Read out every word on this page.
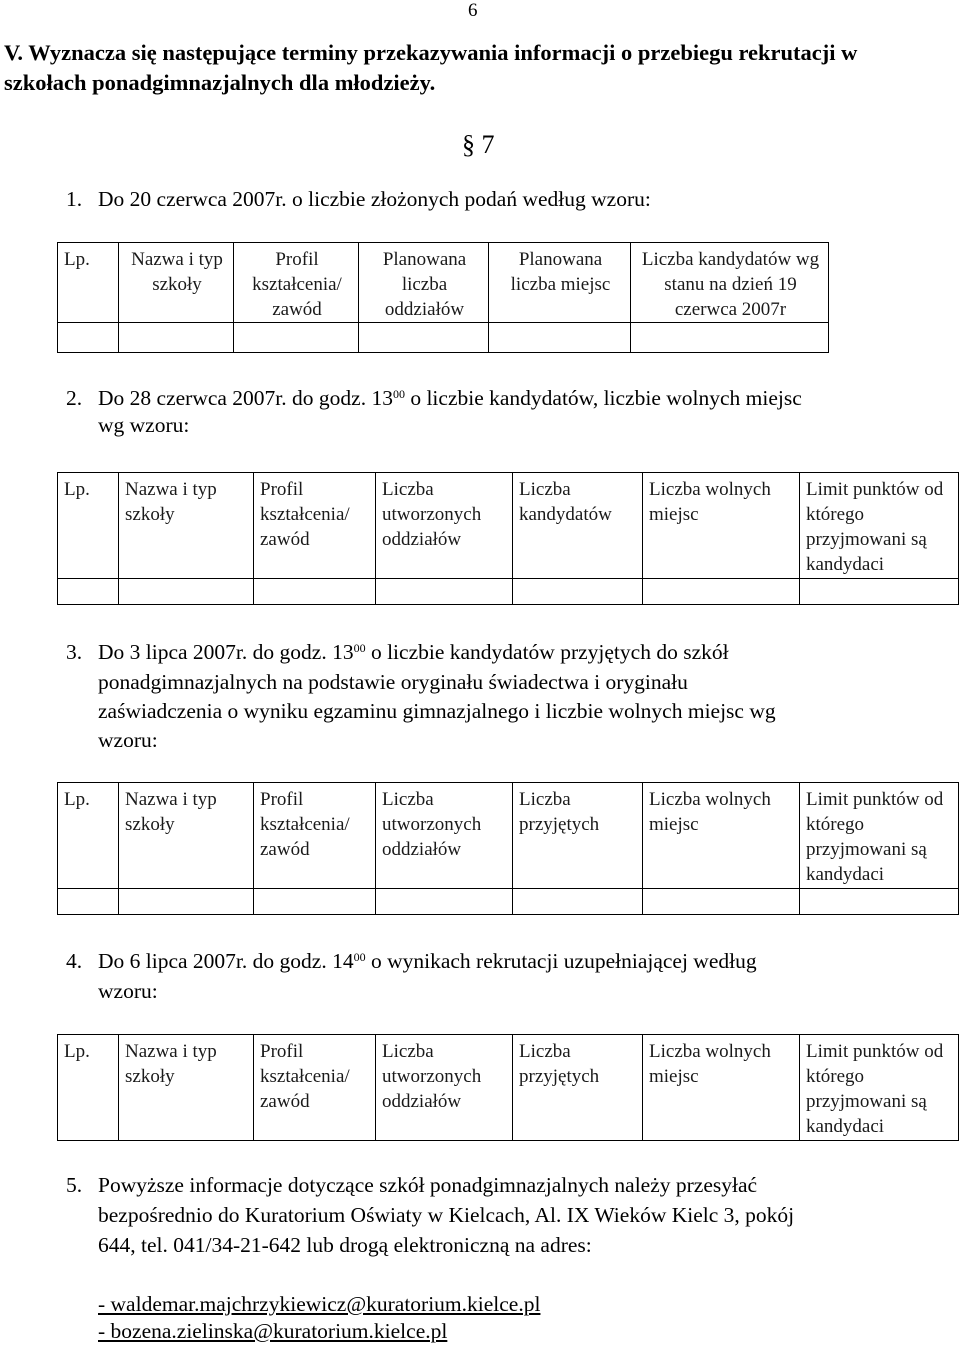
6
V. Wyznacza się następujące terminy przekazywania informacji o przebiegu rekrutacji w szkołach ponadgimnazjalnych dla młodzieży.
§ 7
1. Do 20 czerwca 2007r. o liczbie złożonych podań według wzoru:
Lp.	Nazwa i typ szkoły	Profil kształcenia/ zawód	Planowana liczba oddziałów	Planowana liczba miejsc	Liczba kandydatów wg stanu na dzień 19 czerwca 2007r

2. Do 28 czerwca 2007r. do godz. $13^{00}$ o liczbie kandydatów, liczbie wolnych miejsc
wg wzoru:
Lp.	Nazwa i typ szkoły	Profil kształcenia/ zawód	Liczba utworzonych oddziałów	Liczba kandydatów	Liczba wolnych miejsc	Limit punktów od którego przyjmowani są kandydaci

3. Do 3 lipca 2007r. do godz. $13^{00}$ o liczbie kandydatów przyjętych do szkół
ponadgimnazjalnych na podstawie oryginału świadectwa i oryginału
zaświadczenia o wyniku egzaminu gimnazjalnego i liczbie wolnych miejsc wg
wzoru:
Lp.	Nazwa i typ szkoły	Profil kształcenia/ zawód	Liczba utworzonych oddziałów	Liczba przyjętych	Liczba wolnych miejsc	Limit punktów od którego przyjmowani są kandydaci

4. Do 6 lipca 2007r. do godz. $14^{00}$ o wynikach rekrutacji uzupełniającej według
wzoru:
Lp.	Nazwa i typ szkoły	Profil kształcenia/ zawód	Liczba utworzonych oddziałów	Liczba przyjętych	Liczba wolnych miejsc	Limit punktów od którego przyjmowani są kandydaci
5. Powyższe informacje dotyczące szkół ponadgimnazjalnych należy przesyłać
bezpośrednio do Kuratorium Oświaty w Kielcach, Al. IX Wieków Kielc 3, pokój
644, tel. 041/34-21-642 lub drogą elektroniczną na adres:
- waldemar.majchrzykiewicz@kuratorium.kielce.pl
- bozena.zielinska@kuratorium.kielce.pl
